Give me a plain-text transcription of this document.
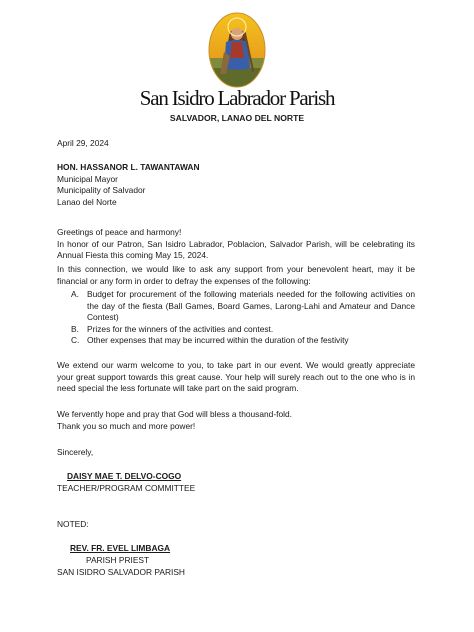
San Isidro Labrador Parish
SALVADOR, LANAO DEL NORTE
April 29, 2024
HON. HASSANOR L. TAWANTAWAN
Municipal Mayor
Municipality of Salvador
Lanao del Norte
Greetings of peace and harmony!
In honor of our Patron, San Isidro Labrador, Poblacion, Salvador Parish, will be celebrating its Annual Fiesta this coming May 15, 2024.
In this connection, we would like to ask any support from your benevolent heart, may it be financial or any form in order to defray the expenses of the following:
A. Budget for procurement of the following materials needed for the following activities on the day of the fiesta (Ball Games, Board Games, Larong-Lahi and Amateur and Dance Contest)
B. Prizes for the winners of the activities and contest.
C. Other expenses that may be incurred within the duration of the festivity
We extend our warm welcome to you, to take part in our event. We would greatly appreciate your great support towards this great cause. Your help will surely reach out to the one who is in need special the less fortunate will take part on the said program.
We fervently hope and pray that God will bless a thousand-fold.
Thank you so much and more power!
Sincerely,
DAISY MAE T. DELVO-COGO
TEACHER/PROGRAM COMMITTEE
NOTED:
REV. FR. EVEL LIMBAGA
PARISH PRIEST
SAN ISIDRO SALVADOR PARISH
